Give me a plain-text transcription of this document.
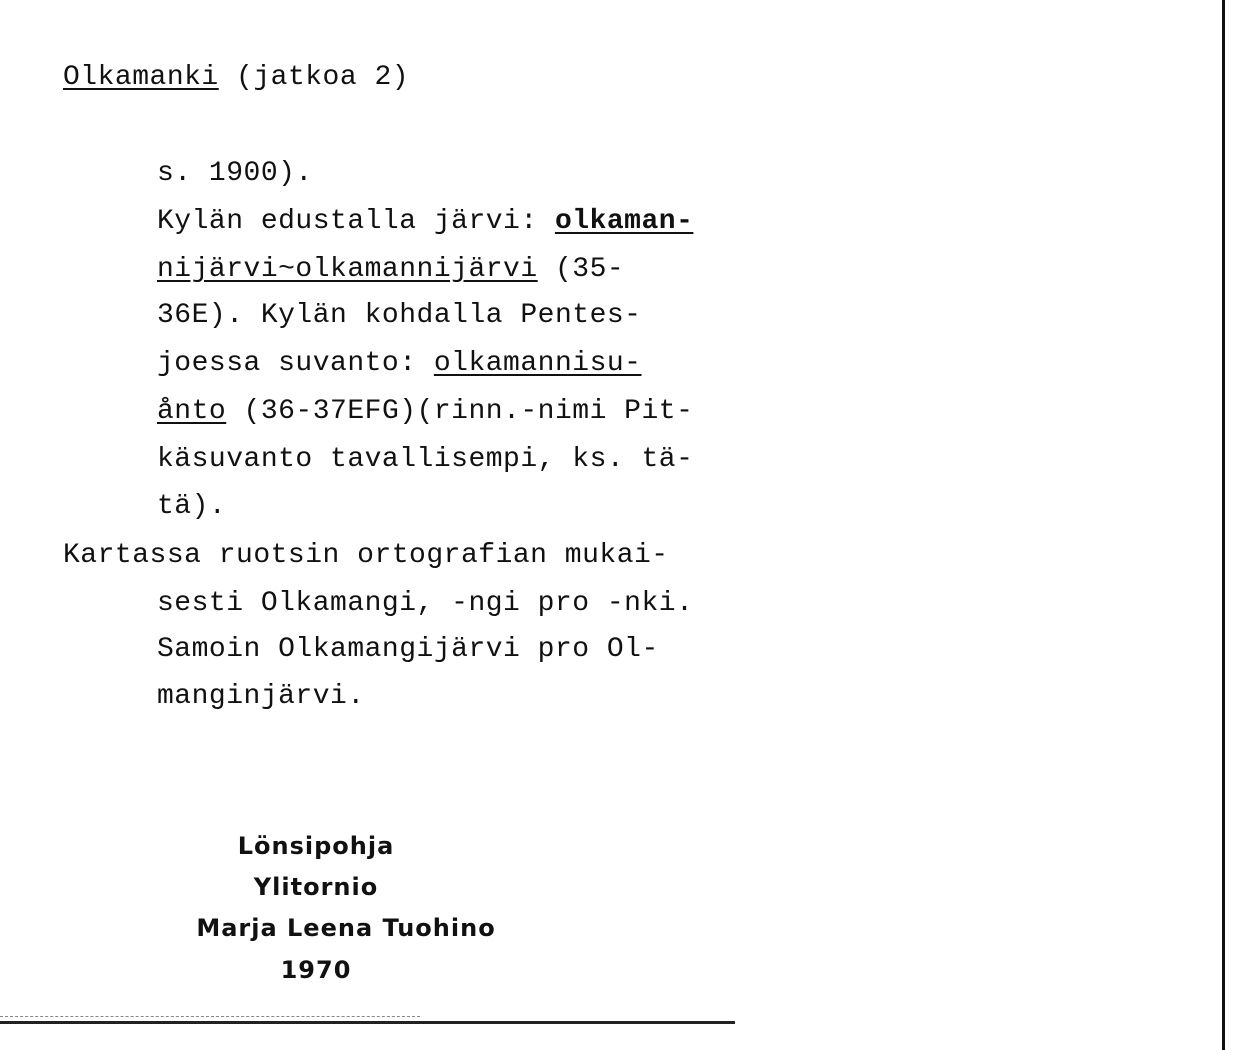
Olkamanki (jatkoa 2)
s. 1900).
Kylän edustalla järvi: olkaman-
nijärvi~olkamannijärvi (35-
36E). Kylän kohdalla Pentes-
joessa suvanto: olkamannisu-
ånto (36-37EFG)(rinn.-nimi Pit-
käsuvanto tavallisempi, ks. tä-
tä).
Kartassa ruotsin ortografian mukai-
sesti Olkamangi, -ngi pro -nki.
Samoin Olkamangijärvi pro Ol-
manginjärvi.
Lönsipohja
Ylitornio
Marja Leena Tuohino
1970
